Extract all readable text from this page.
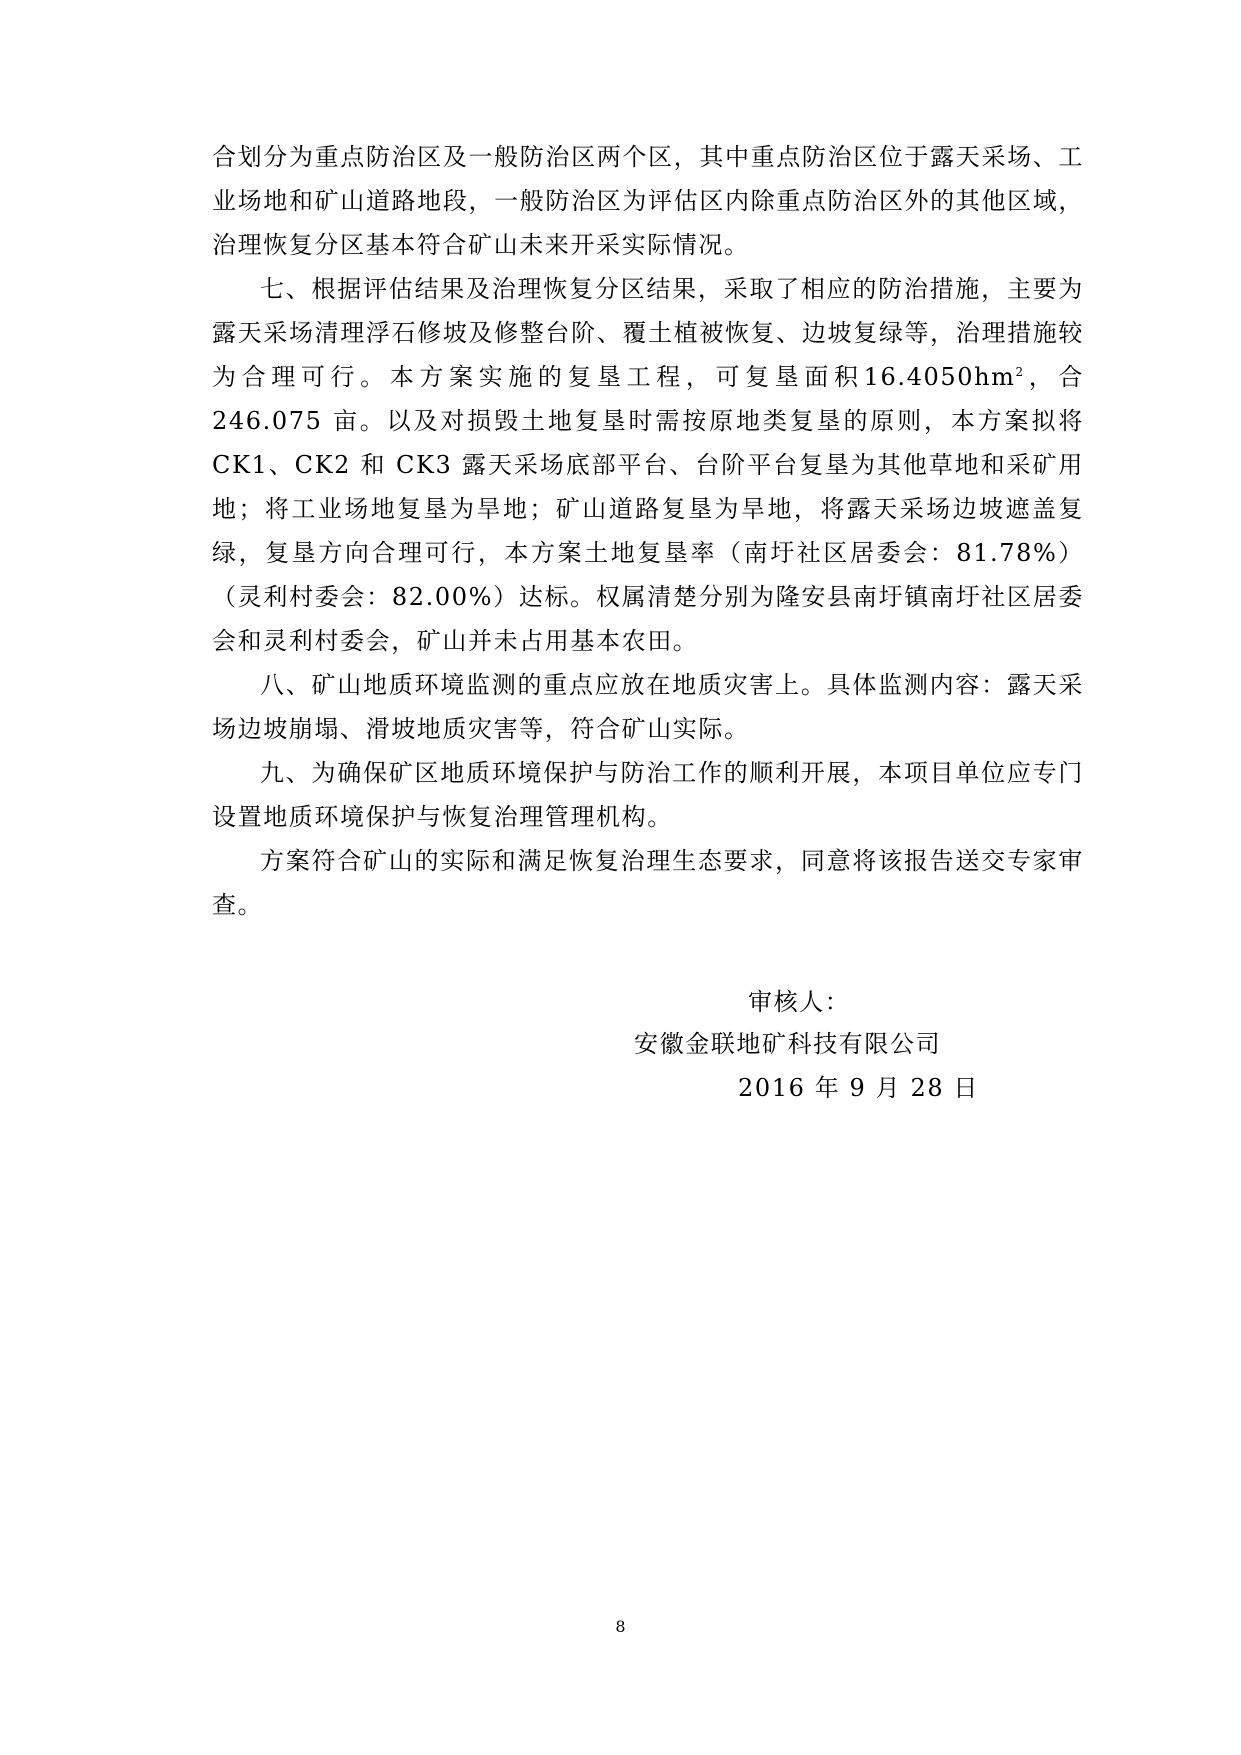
合划分为重点防治区及一般防治区两个区，其中重点防治区位于露天采场、工业场地和矿山道路地段，一般防治区为评估区内除重点防治区外的其他区域，治理恢复分区基本符合矿山未来开采实际情况。

七、根据评估结果及治理恢复分区结果，采取了相应的防治措施，主要为露天采场清理浮石修坡及修整台阶、覆土植被恢复、边坡复绿等，治理措施较为合理可行。本方案实施的复垦工程，可复垦面积$16.4050hm^2$，合 246.075 亩。以及对损毁土地复垦时需按原地类复垦的原则，本方案拟将 CK1、CK2 和 CK3 露天采场底部平台、台阶平台复垦为其他草地和采矿用地；将工业场地复垦为旱地；矿山道路复垦为旱地，将露天采场边坡遮盖复绿，复垦方向合理可行，本方案土地复垦率（南圩社区居委会：81.78%）（灵利村委会：82.00%）达标。权属清楚分别为隆安县南圩镇南圩社区居委会和灵利村委会，矿山并未占用基本农田。

八、矿山地质环境监测的重点应放在地质灾害上。具体监测内容：露天采场边坡崩塌、滑坡地质灾害等，符合矿山实际。

九、为确保矿区地质环境保护与防治工作的顺利开展，本项目单位应专门设置地质环境保护与恢复治理管理机构。

方案符合矿山的实际和满足恢复治理生态要求，同意将该报告送交专家审查。

审核人：
安徽金联地矿科技有限公司
2016 年 9 月 28 日
8
